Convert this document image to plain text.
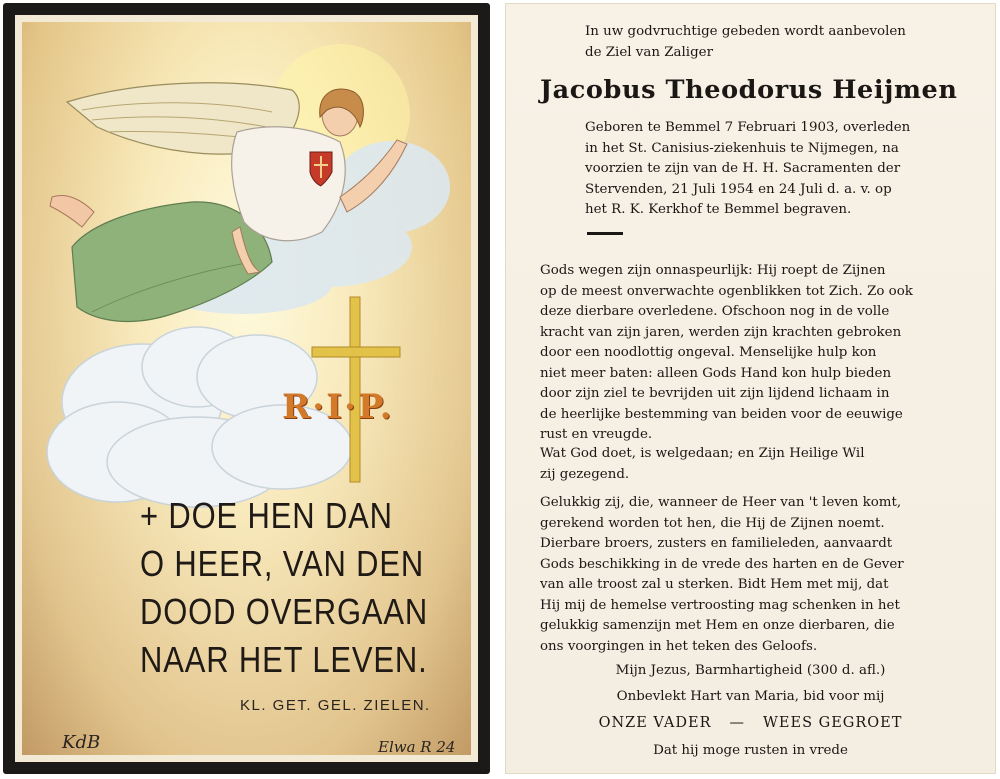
R·I·P.
+ DOE HEN DAN
O HEER, VAN DEN
DOOD OVERGAAN
NAAR HET LEVEN.
KL. GET. GEL. ZIELEN.
KdB	Elwa R 24
In uw godvruchtige gebeden wordt aanbevolen
de Ziel van Zaliger
Jacobus Theodorus Heijmen
Geboren te Bemmel 7 Februari 1903, overleden
in het St. Canisius-ziekenhuis te Nijmegen, na
voorzien te zijn van de H. H. Sacramenten der
Stervenden, 21 Juli 1954 en 24 Juli d. a. v. op
het R. K. Kerkhof te Bemmel begraven.
Gods wegen zijn onnaspeurlijk: Hij roept de Zijnen
op de meest onverwachte ogenblikken tot Zich. Zo ook
deze dierbare overledene. Ofschoon nog in de volle
kracht van zijn jaren, werden zijn krachten gebroken
door een noodlottig ongeval. Menselijke hulp kon
niet meer baten: alleen Gods Hand kon hulp bieden
door zijn ziel te bevrijden uit zijn lijdend lichaam in
de heerlijke bestemming van beiden voor de eeuwige
rust en vreugde.
Wat God doet, is welgedaan; en Zijn Heilige Wil
zij gezegend.
Gelukkig zij, die, wanneer de Heer van 't leven komt,
gerekend worden tot hen, die Hij de Zijnen noemt.
Dierbare broers, zusters en familieleden, aanvaardt
Gods beschikking in de vrede des harten en de Gever
van alle troost zal u sterken. Bidt Hem met mij, dat
Hij mij de hemelse vertroosting mag schenken in het
gelukkig samenzijn met Hem en onze dierbaren, die
ons voorgingen in het teken des Geloofs.
Mijn Jezus, Barmhartigheid (300 d. afl.)
Onbevlekt Hart van Maria, bid voor mij
ONZE VADER — WEES GEGROET
Dat hij moge rusten in vrede
